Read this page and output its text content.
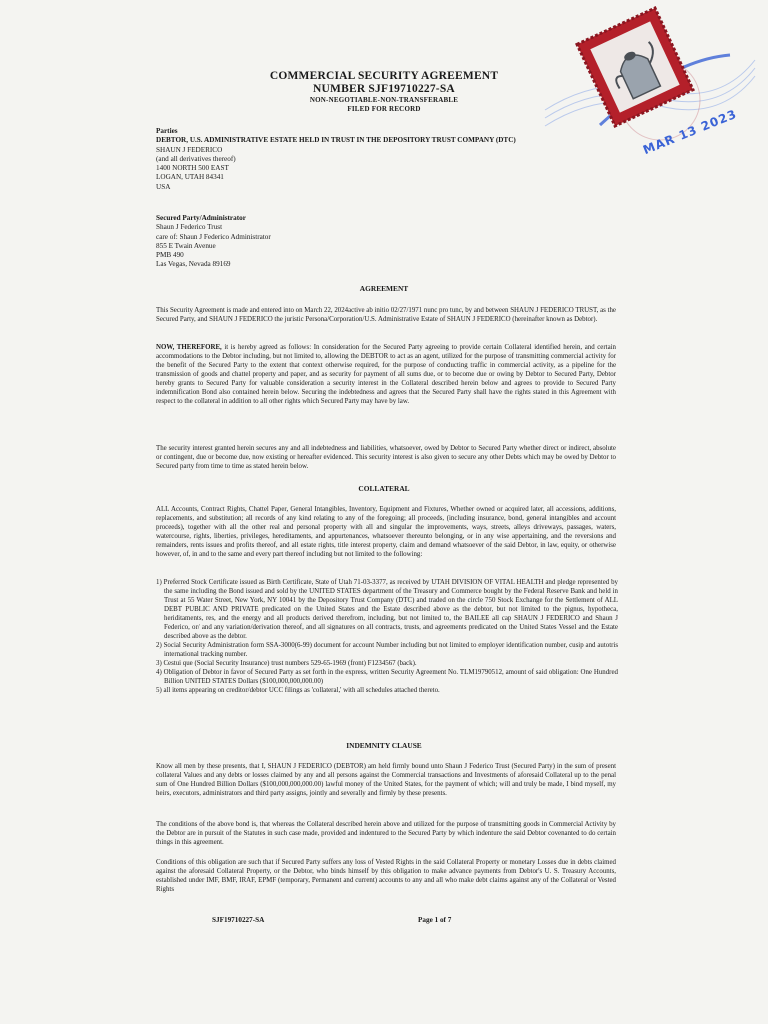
MAR 13 2023
COMMERCIAL SECURITY AGREEMENT
NUMBER SJF19710227-SA
NON-NEGOTIABLE-NON-TRANSFERABLE
FILED FOR RECORD
Parties
DEBTOR, U.S. ADMINISTRATIVE ESTATE HELD IN TRUST IN THE DEPOSITORY TRUST COMPANY (DTC)
SHAUN J FEDERICO
(and all derivatives thereof)
1400 NORTH 500 EAST
LOGAN, UTAH 84341
USA
Secured Party/Administrator
Shaun J Federico Trust
care of: Shaun J Federico Administrator
855 E Twain Avenue
PMB 490
Las Vegas, Nevada 89169
AGREEMENT
This Security Agreement is made and entered into on March 22, 2024active ab initio 02/27/1971 nunc pro tunc, by and between SHAUN J FEDERICO TRUST, as the Secured Party, and SHAUN J FEDERICO the juristic Persona/Corporation/U.S. Administrative Estate of SHAUN J FEDERICO (hereinafter known as Debtor).
NOW, THEREFORE, it is hereby agreed as follows: In consideration for the Secured Party agreeing to provide certain Collateral identified herein, and certain accommodations to the Debtor including, but not limited to, allowing the DEBTOR to act as an agent, utilized for the purpose of transmitting commercial activity for the benefit of the Secured Party to the extent that context otherwise required, for the purpose of conducting traffic in commercial activity, as a pipeline for the transmission of goods and chattel property and paper, and as security for payment of all sums due, or to become due or owing by Debtor to Secured Party, Debtor hereby grants to Secured Party for valuable consideration a security interest in the Collateral described herein below and agrees to provide to Secured Party indemnification Bond also contained herein below. Securing the indebtedness and agrees that the Secured Party shall have the rights stated in this Agreement with respect to the collateral in addition to all other rights which Secured Party may have by law.
The security interest granted herein secures any and all indebtedness and liabilities, whatsoever, owed by Debtor to Secured Party whether direct or indirect, absolute or contingent, due or become due, now existing or hereafter evidenced. This security interest is also given to secure any other Debts which may be owed by Debtor to Secured party from time to time as stated herein below.
COLLATERAL
ALL Accounts, Contract Rights, Chattel Paper, General Intangibles, Inventory, Equipment and Fixtures, Whether owned or acquired later, all accessions, additions, replacements, and substitution; all records of any kind relating to any of the foregoing; all proceeds, (including insurance, bond, general intangibles and account proceeds), together with all the other real and personal property with all and singular the improvements, ways, streets, alleys driveways, passages, waters, watercourse, rights, liberties, privileges, hereditaments, and appurtenances, whatsoever thereunto belonging, or in any wise appertaining, and the reversions and remainders, rents issues and profits thereof, and all estate rights, title interest property, claim and demand whatsoever of the said Debtor, in law, equity, or otherwise however, of, in and to the same and every part thereof including but not limited to the following:
1) Preferred Stock Certificate issued as Birth Certificate, State of Utah 71-03-3377, as received by UTAH DIVISION OF VITAL HEALTH and pledge represented by the same including the Bond issued and sold by the UNITED STATES department of the Treasury and Commerce bought by the Federal Reserve Bank and held in Trust at 55 Water Street, New York, NY 10041 by the Depository Trust Company (DTC) and traded on the circle 750 Stock Exchange for the Settlement of ALL DEBT PUBLIC AND PRIVATE predicated on the United States and the Estate described above as the debtor, but not limited to the pignus, hypotheca, heriditaments, res, and the energy and all products derived therefrom, including, but not limited to, the BAILEE all cap SHAUN J FEDERICO and Shaun J Federico, or/ and any variation/derivation thereof, and all signatures on all contracts, trusts, and agreements predicated on the United States Vessel and the Estate described above as the debtor.
2) Social Security Administration form SSA-3000(6-99) document for account Number including but not limited to employer identification number, cusip and autotris international tracking number.
3) Cestui que (Social Security Insurance) trust numbers 529-65-1969 (front) F1234567 (back).
4) Obligation of Debtor in favor of Secured Party as set forth in the express, written Security Agreement No. TLM19790512, amount of said obligation: One Hundred Billion UNITED STATES Dollars ($100,000,000,000.00)
5) all items appearing on creditor/debtor UCC filings as 'collateral,' with all schedules attached thereto.
INDEMNITY CLAUSE
Know all men by these presents, that I, SHAUN J FEDERICO (DEBTOR) am held firmly bound unto Shaun J Federico Trust (Secured Party) in the sum of present collateral Values and any debts or losses claimed by any and all persons against the Commercial transactions and Investments of aforesaid Collateral up to the penal sum of One Hundred Billion Dollars ($100,000,000,000.00) lawful money of the United States, for the payment of which; will and truly be made, I bind myself, my heirs, executors, administrators and third party assigns, jointly and severally and firmly by these presents.
The conditions of the above bond is, that whereas the Collateral described herein above and utilized for the purpose of transmitting goods in Commercial Activity by the Debtor are in pursuit of the Statutes in such case made, provided and indentured to the Secured Party by which indenture the said Debtor covenanted to do certain things in this agreement.
Conditions of this obligation are such that if Secured Party suffers any loss of Vested Rights in the said Collateral Property or monetary Losses due in debts claimed against the aforesaid Collateral Property, or the Debtor, who binds himself by this obligation to make advance payments from Debtor's U. S. Treasury Accounts, established under IMF, BMF, IRAF, EPMF (temporary, Permanent and current) accounts to any and all who make debt claims against any of the Collateral or Vested Rights
SJF19710227-SA	Page 1 of 7
